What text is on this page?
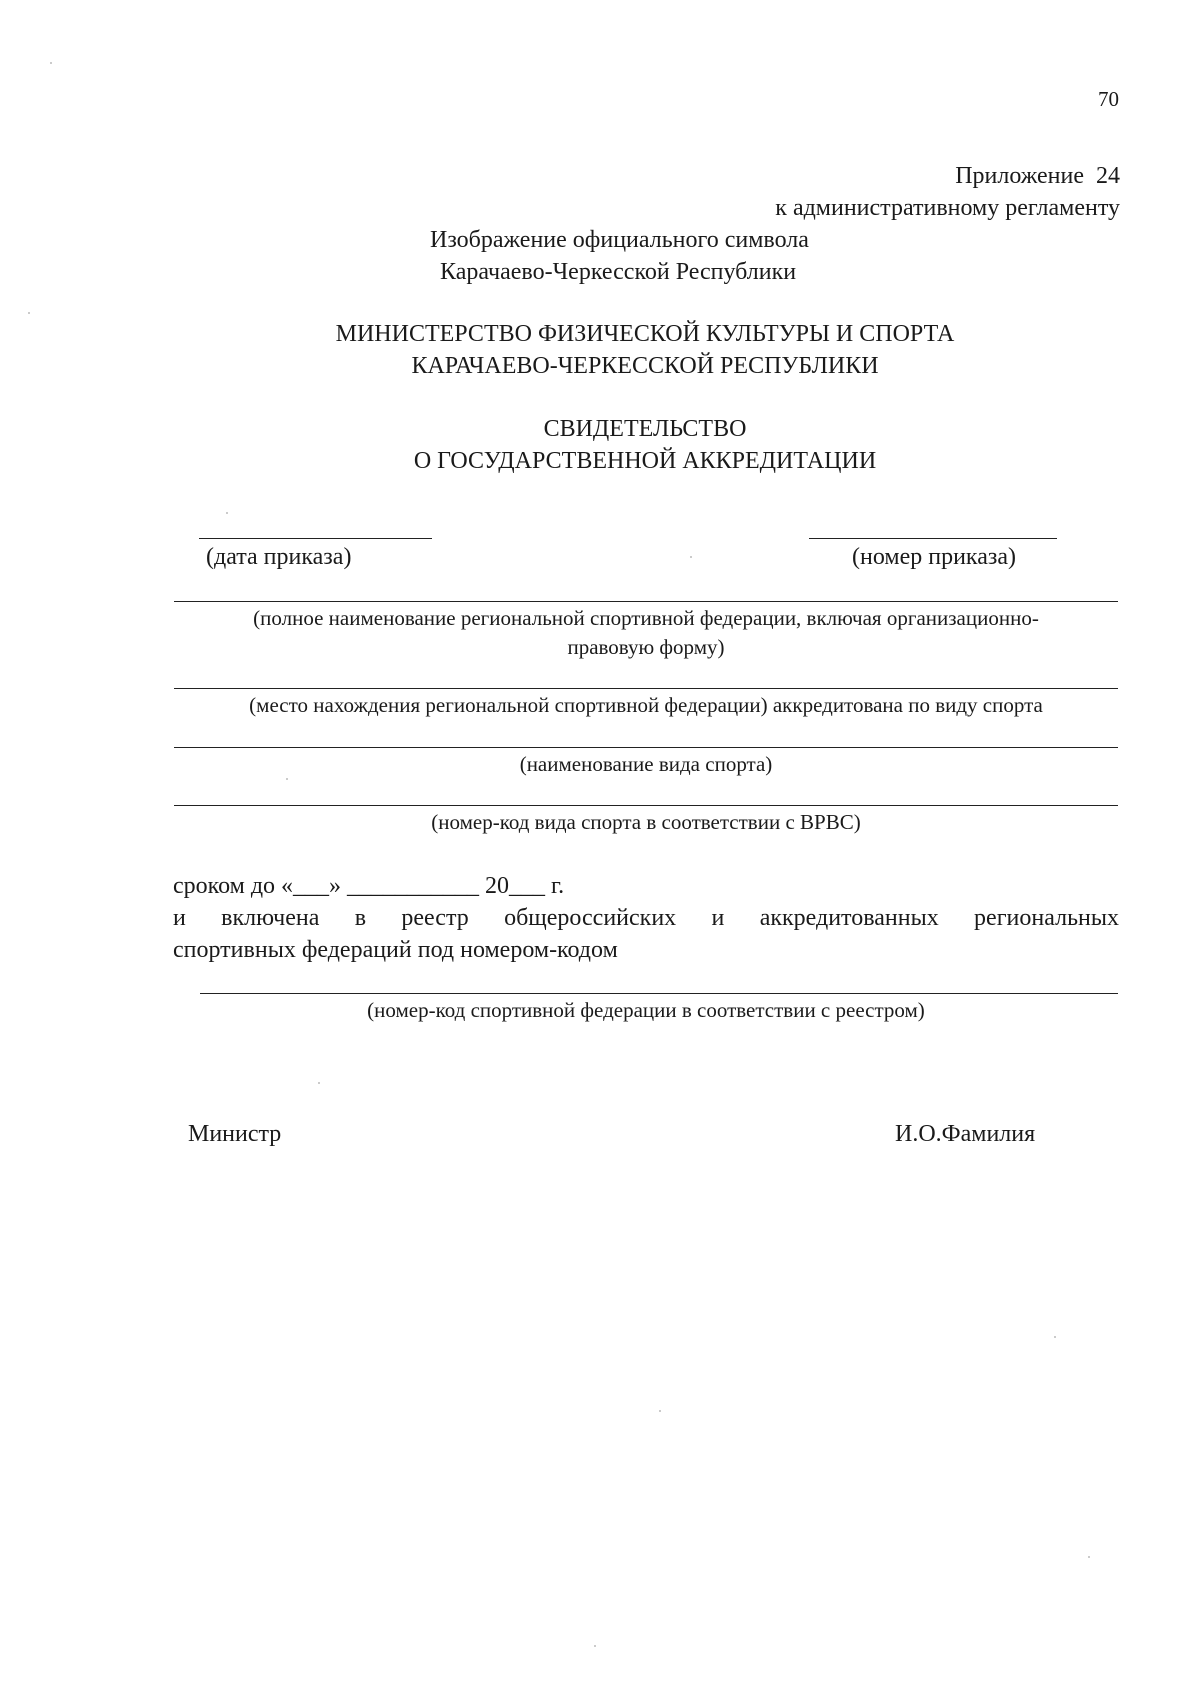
70
Приложение  24
к административному регламенту
Изображение официального символа
Карачаево-Черкесской Республики
МИНИСТЕРСТВО ФИЗИЧЕСКОЙ КУЛЬТУРЫ И СПОРТА
КАРАЧАЕВО-ЧЕРКЕССКОЙ РЕСПУБЛИКИ
СВИДЕТЕЛЬСТВО
О ГОСУДАРСТВЕННОЙ АККРЕДИТАЦИИ
(дата приказа)	(номер приказа)
(полное наименование региональной спортивной федерации, включая организационно-
правовую форму)
(место нахождения региональной спортивной федерации) аккредитована по виду спорта
(наименование вида спорта)
(номер-код вида спорта в соответствии с ВРВС)
сроком до «___» ___________ 20___ г.
и  включена  в  реестр  общероссийских  и  аккредитованных  региональных
спортивных федераций под номером-кодом
(номер-код спортивной федерации в соответствии с реестром)
Министр	И.О.Фамилия
